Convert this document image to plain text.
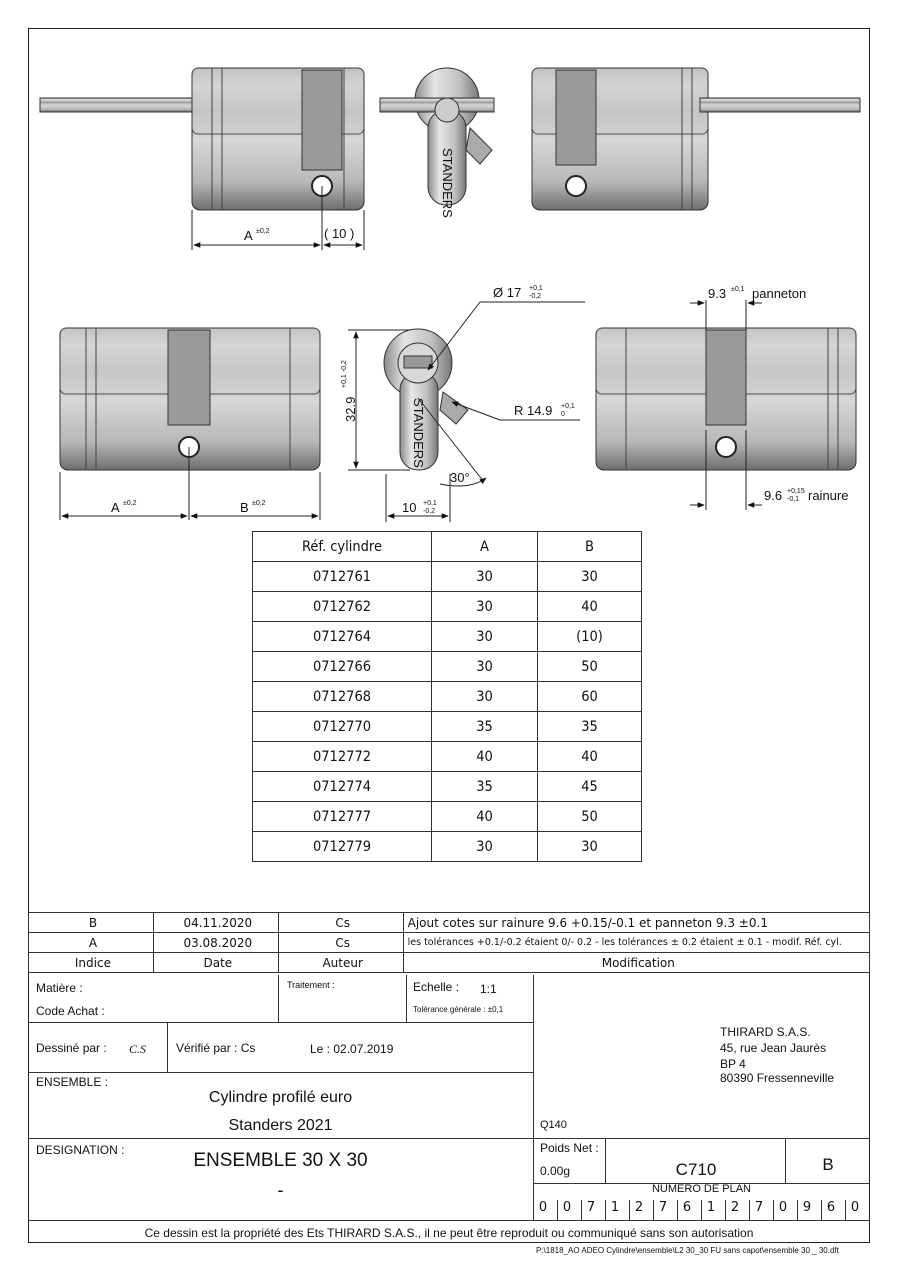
A ±0,2	( 10 )
STANDERS
A ±0,2	B ±0,2
Ø 17 +0,1
-0,2
32.9
+0,1 -0,2
R 14.9 +0,1
0
30°
10 +0,1
-0,2
STANDERS
9.3 ±0,1 panneton
9.6 +0,15
-0,1 rainure
Réf. cylindre	A	B
0712761	30	30
0712762	30	40
0712764	30	(10)
0712766	30	50
0712768	30	60
0712770	35	35
0712772	40	40
0712774	35	45
0712777	40	50
0712779	30	30
B	04.11.2020	Cs	Ajout cotes sur rainure 9.6 +0.15/-0.1 et panneton 9.3 ±0.1
A	03.08.2020	Cs	les tolérances +0.1/-0.2 étaient 0/- 0.2 - les tolérances ± 0.2 étaient ± 0.1 - modif. Réf. cyl.
Indice	Date	Auteur	Modification
Matière :
Code Achat :
Traitement :	Echelle : 1:1
Tolérance générale : ±0,1
Dessiné par : C.S Vérifié par : Cs	Le : 02.07.2019
ENSEMBLE :
Cylindre profilé euro
Standers 2021
DESIGNATION :	ENSEMBLE 30 X 30
-
THIRARD S.A.S.
45, rue Jean Jaurès
BP 4
80390 Fressenneville
Q140
Poids Net :
0.00g	C710	B
NUMERO DE PLAN
0	0	7	1	2	7	6	1	2	7	0	9	6	0
Ce dessin est la propriété des Ets THIRARD S.A.S., il ne peut être reproduit ou communiqué sans son autorisation
P:\1818_AO ADEO Cylindre\ensemble\L2 30_30 FU sans capot\ensemble 30 _ 30.dft
